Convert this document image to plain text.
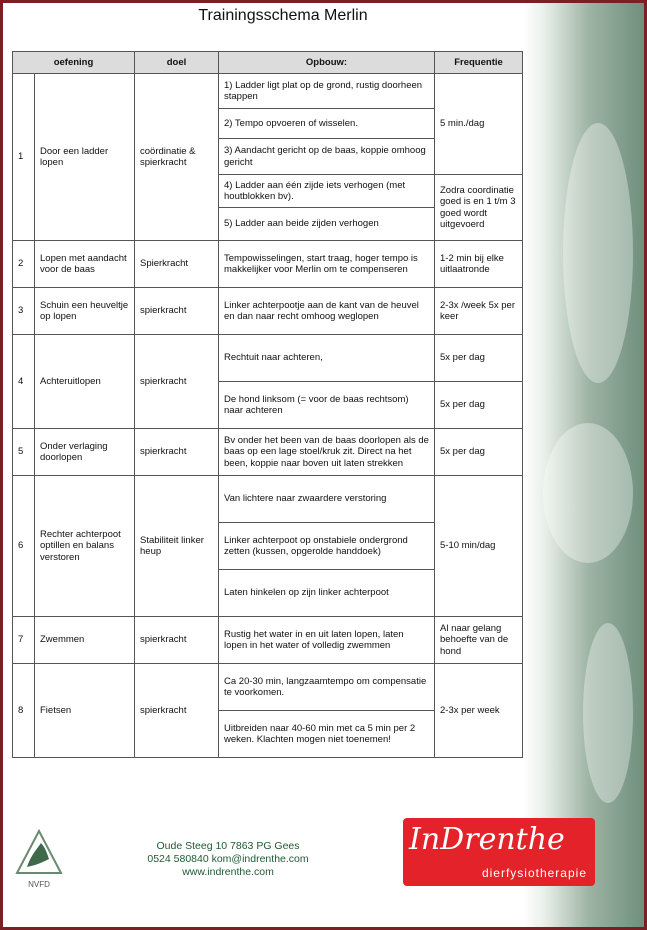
Trainingsschema Merlin
oefening		doel	Opbouw:	Frequentie
1	Door een ladder lopen	coördinatie & spierkracht	1) Ladder ligt plat op de grond, rustig doorheen stappen	5 min./dag
			2) Tempo opvoeren of wisselen.	
			3) Aandacht gericht op de baas, koppie omhoog gericht	
			4) Ladder aan één zijde iets verhogen (met houtblokken bv).	Zodra coordinatie goed is en 1 t/m 3 goed wordt uitgevoerd
			5) Ladder aan beide zijden verhogen	
2	Lopen met aandacht voor de baas	Spierkracht	Tempowisselingen, start traag, hoger tempo is makkelijker voor Merlin om te compenseren	1-2 min bij elke uitlaatronde
3	Schuin een heuveltje op lopen	spierkracht	Linker achterpootje aan de kant van de heuvel en dan naar recht omhoog weglopen	2-3x /week 5x per keer
4	Achteruitlopen	spierkracht	Rechtuit naar achteren,	5x per dag
			De hond linksom (= voor de baas rechtsom) naar achteren	5x per dag
5	Onder verlaging doorlopen	spierkracht	Bv onder het been van de baas doorlopen als de baas op een lage stoel/kruk zit. Direct na het been, koppie naar boven uit laten strekken	5x per dag
6	Rechter achterpoot optillen en balans verstoren	Stabiliteit linker heup	Van lichtere naar zwaardere verstoring	5-10 min/dag
			Linker achterpoot op onstabiele ondergrond zetten (kussen, opgerolde handdoek)	
			Laten hinkelen op zijn linker achterpoot	
7	Zwemmen	spierkracht	Rustig het water in en uit laten lopen, laten lopen in het water of volledig zwemmen	Al naar gelang behoefte van de hond
8	Fietsen	spierkracht	Ca 20-30 min, langzaamtempo om compensatie te voorkomen.	2-3x per week
			Uitbreiden naar 40-60 min met ca 5 min per 2 weken. Klachten mogen niet toenemen!	
NVFD
Oude Steeg 10 7863 PG Gees
0524 580840 kom@indrenthe.com
www.indrenthe.com
InDrenthe
dierfysiotherapie
